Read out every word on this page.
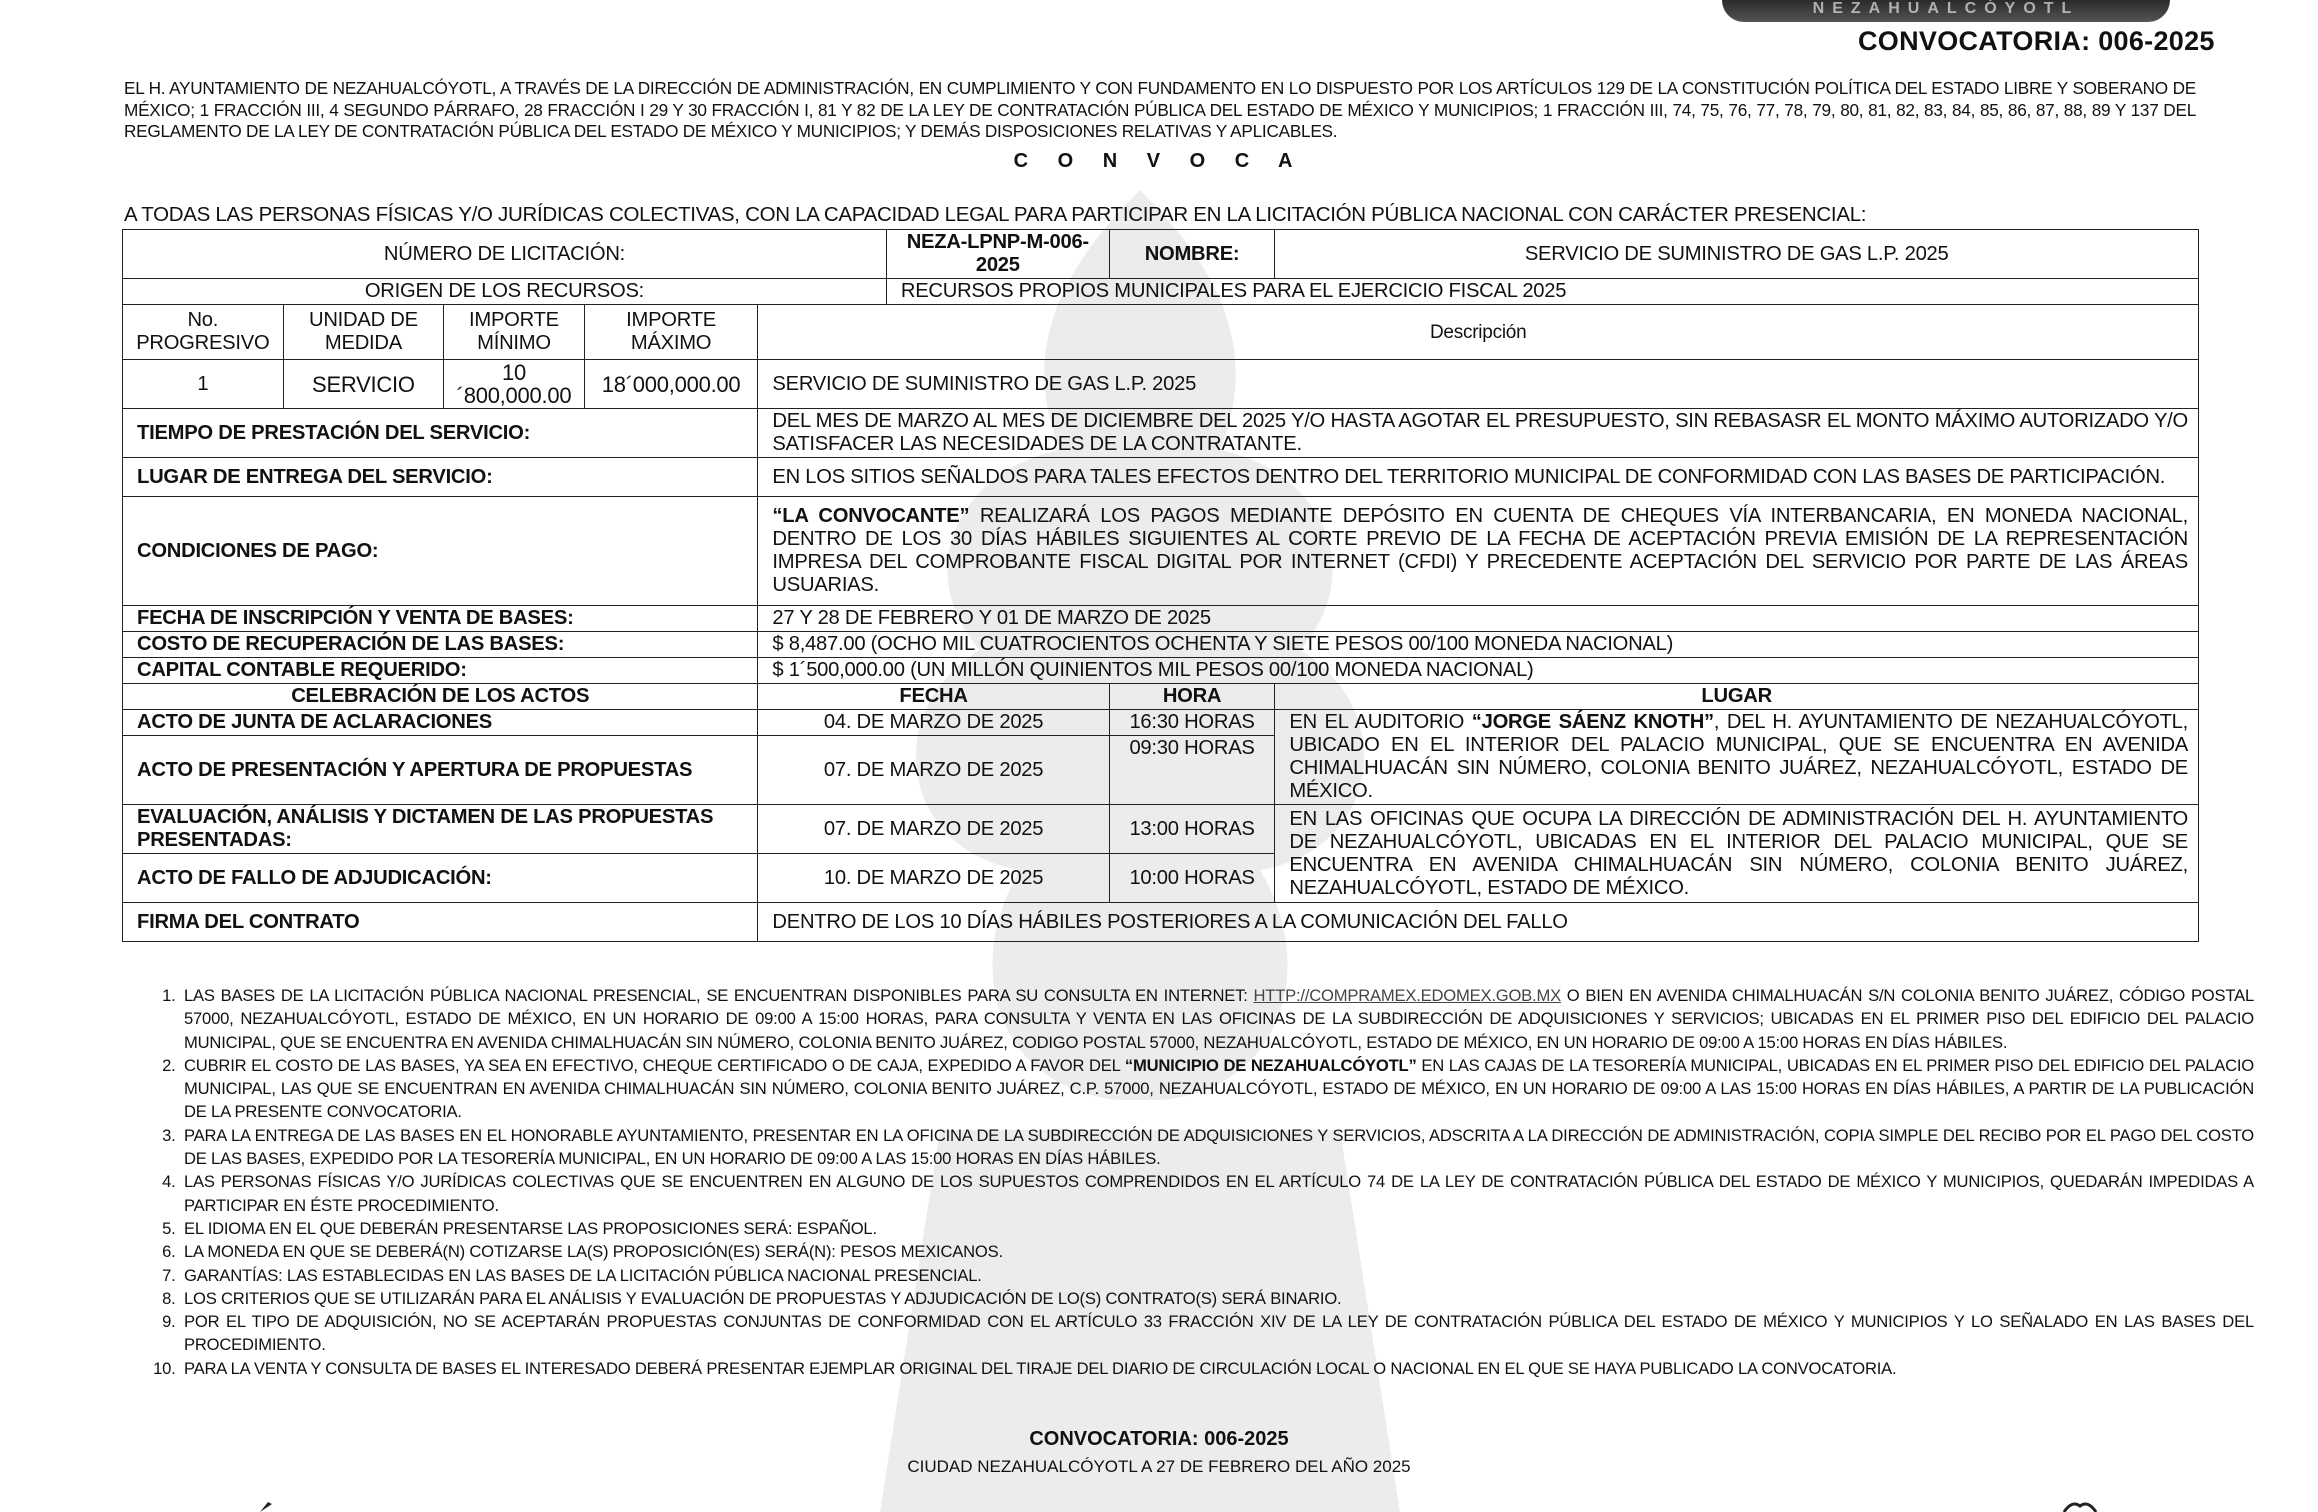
NEZAHUALCÓYOTL
CONVOCATORIA: 006-2025
EL H. AYUNTAMIENTO DE NEZAHUALCÓYOTL, A TRAVÉS DE LA DIRECCIÓN DE ADMINISTRACIÓN, EN CUMPLIMIENTO Y CON FUNDAMENTO EN LO DISPUESTO POR LOS ARTÍCULOS 129 DE LA CONSTITUCIÓN POLÍTICA DEL ESTADO LIBRE Y SOBERANO DE MÉXICO; 1 FRACCIÓN III, 4 SEGUNDO PÁRRAFO, 28 FRACCIÓN I 29 Y 30 FRACCIÓN I, 81 Y 82 DE LA LEY DE CONTRATACIÓN PÚBLICA DEL ESTADO DE MÉXICO Y MUNICIPIOS; 1 FRACCIÓN III, 74, 75, 76, 77, 78, 79, 80, 81, 82, 83, 84, 85, 86, 87, 88, 89 Y 137 DEL REGLAMENTO DE LA LEY DE CONTRATACIÓN PÚBLICA DEL ESTADO DE MÉXICO Y MUNICIPIOS; Y DEMÁS DISPOSICIONES RELATIVAS Y APLICABLES.
C O N V O C A
A TODAS LAS PERSONAS FÍSICAS Y/O JURÍDICAS COLECTIVAS, CON LA CAPACIDAD LEGAL PARA PARTICIPAR EN LA LICITACIÓN PÚBLICA NACIONAL CON CARÁCTER PRESENCIAL:
NÚMERO DE LICITACIÓN:					NEZA-LPNP-M-006-2025	NOMBRE:	SERVICIO DE SUMINISTRO DE GAS L.P. 2025
ORIGEN DE LOS RECURSOS:					RECURSOS PROPIOS MUNICIPALES PARA EL EJERCICIO FISCAL 2025		
No. PROGRESIVO	UNIDAD DE MEDIDA	IMPORTE MÍNIMO	IMPORTE MÁXIMO	Descripción			
1	SERVICIO	10´800,000.00	18´000,000.00	SERVICIO DE SUMINISTRO DE GAS L.P. 2025			
TIEMPO DE PRESTACIÓN DEL SERVICIO:				DEL MES DE MARZO AL MES DE DICIEMBRE DEL 2025 Y/O HASTA AGOTAR EL PRESUPUESTO, SIN REBASASR EL MONTO MÁXIMO AUTORIZADO Y/O SATISFACER LAS NECESIDADES DE LA CONTRATANTE.			
LUGAR DE ENTREGA DEL SERVICIO:				EN LOS SITIOS SEÑALDOS PARA TALES EFECTOS DENTRO DEL TERRITORIO MUNICIPAL DE CONFORMIDAD CON LAS BASES DE PARTICIPACIÓN.			
CONDICIONES DE PAGO:				“LA CONVOCANTE” REALIZARÁ LOS PAGOS MEDIANTE DEPÓSITO EN CUENTA DE CHEQUES VÍA INTERBANCARIA, EN MONEDA NACIONAL, DENTRO DE LOS 30 DÍAS HÁBILES SIGUIENTES AL CORTE PREVIO DE LA FECHA DE ACEPTACIÓN PREVIA EMISIÓN DE LA REPRESENTACIÓN IMPRESA DEL COMPROBANTE FISCAL DIGITAL POR INTERNET (CFDI) Y PRECEDENTE ACEPTACIÓN DEL SERVICIO POR PARTE DE LAS ÁREAS USUARIAS.			
FECHA DE INSCRIPCIÓN Y VENTA DE BASES:				27 Y 28 DE FEBRERO Y 01 DE MARZO DE 2025			
COSTO DE RECUPERACIÓN DE LAS BASES:				$ 8,487.00 (OCHO MIL CUATROCIENTOS OCHENTA Y SIETE PESOS 00/100 MONEDA NACIONAL)			
CAPITAL CONTABLE REQUERIDO:				$ 1´500,000.00 (UN MILLÓN QUINIENTOS MIL PESOS 00/100 MONEDA NACIONAL)			
CELEBRACIÓN DE LOS ACTOS				FECHA		HORA	LUGAR
ACTO DE JUNTA DE ACLARACIONES				04. DE MARZO DE 2025		16:30 HORAS	EN EL AUDITORIO “JORGE SÁENZ KNOTH”, DEL H. AYUNTAMIENTO DE NEZAHUALCÓYOTL, UBICADO EN EL INTERIOR DEL PALACIO MUNICIPAL, QUE SE ENCUENTRA EN AVENIDA CHIMALHUACÁN SIN NÚMERO, COLONIA BENITO JUÁREZ, NEZAHUALCÓYOTL, ESTADO DE MÉXICO.
ACTO DE PRESENTACIÓN Y APERTURA DE PROPUESTAS				07. DE MARZO DE 2025		09:30 HORAS	
EVALUACIÓN, ANÁLISIS Y DICTAMEN DE LAS PROPUESTAS PRESENTADAS:				07. DE MARZO DE 2025		13:00 HORAS	EN LAS OFICINAS QUE OCUPA LA DIRECCIÓN DE ADMINISTRACIÓN DEL H. AYUNTAMIENTO DE NEZAHUALCÓYOTL, UBICADAS EN EL INTERIOR DEL PALACIO MUNICIPAL, QUE SE ENCUENTRA EN AVENIDA CHIMALHUACÁN SIN NÚMERO, COLONIA BENITO JUÁREZ, NEZAHUALCÓYOTL, ESTADO DE MÉXICO.
ACTO DE FALLO DE ADJUDICACIÓN:				10. DE MARZO DE 2025		10:00 HORAS	
FIRMA DEL CONTRATO				DENTRO DE LOS 10 DÍAS HÁBILES POSTERIORES A LA COMUNICACIÓN DEL FALLO			
1. LAS BASES DE LA LICITACIÓN PÚBLICA NACIONAL PRESENCIAL, SE ENCUENTRAN DISPONIBLES PARA SU CONSULTA EN INTERNET: HTTP://COMPRAMEX.EDOMEX.GOB.MX O BIEN EN AVENIDA CHIMALHUACÁN S/N COLONIA BENITO JUÁREZ, CÓDIGO POSTAL 57000, NEZAHUALCÓYOTL, ESTADO DE MÉXICO, EN UN HORARIO DE 09:00 A 15:00 HORAS, PARA CONSULTA Y VENTA EN LAS OFICINAS DE LA SUBDIRECCIÓN DE ADQUISICIONES Y SERVICIOS; UBICADAS EN EL PRIMER PISO DEL EDIFICIO DEL PALACIO MUNICIPAL, QUE SE ENCUENTRA EN AVENIDA CHIMALHUACÁN SIN NÚMERO, COLONIA BENITO JUÁREZ, CODIGO POSTAL 57000, NEZAHUALCÓYOTL, ESTADO DE MÉXICO, EN UN HORARIO DE 09:00 A 15:00 HORAS EN DÍAS HÁBILES.
2. CUBRIR EL COSTO DE LAS BASES, YA SEA EN EFECTIVO, CHEQUE CERTIFICADO O DE CAJA, EXPEDIDO A FAVOR DEL “MUNICIPIO DE NEZAHUALCÓYOTL” EN LAS CAJAS DE LA TESORERÍA MUNICIPAL, UBICADAS EN EL PRIMER PISO DEL EDIFICIO DEL PALACIO MUNICIPAL, LAS QUE SE ENCUENTRAN EN AVENIDA CHIMALHUACÁN SIN NÚMERO, COLONIA BENITO JUÁREZ, C.P. 57000, NEZAHUALCÓYOTL, ESTADO DE MÉXICO, EN UN HORARIO DE 09:00 A LAS 15:00 HORAS EN DÍAS HÁBILES, A PARTIR DE LA PUBLICACIÓN DE LA PRESENTE CONVOCATORIA.
3. PARA LA ENTREGA DE LAS BASES EN EL HONORABLE AYUNTAMIENTO, PRESENTAR EN LA OFICINA DE LA SUBDIRECCIÓN DE ADQUISICIONES Y SERVICIOS, ADSCRITA A LA DIRECCIÓN DE ADMINISTRACIÓN, COPIA SIMPLE DEL RECIBO POR EL PAGO DEL COSTO DE LAS BASES, EXPEDIDO POR LA TESORERÍA MUNICIPAL, EN UN HORARIO DE 09:00 A LAS 15:00 HORAS EN DÍAS HÁBILES.
4. LAS PERSONAS FÍSICAS Y/O JURÍDICAS COLECTIVAS QUE SE ENCUENTREN EN ALGUNO DE LOS SUPUESTOS COMPRENDIDOS EN EL ARTÍCULO 74 DE LA LEY DE CONTRATACIÓN PÚBLICA DEL ESTADO DE MÉXICO Y MUNICIPIOS, QUEDARÁN IMPEDIDAS A PARTICIPAR EN ÉSTE PROCEDIMIENTO.
5. EL IDIOMA EN EL QUE DEBERÁN PRESENTARSE LAS PROPOSICIONES SERÁ: ESPAÑOL.
6. LA MONEDA EN QUE SE DEBERÁ(N) COTIZARSE LA(S) PROPOSICIÓN(ES) SERÁ(N): PESOS MEXICANOS.
7. GARANTÍAS: LAS ESTABLECIDAS EN LAS BASES DE LA LICITACIÓN PÚBLICA NACIONAL PRESENCIAL.
8. LOS CRITERIOS QUE SE UTILIZARÁN PARA EL ANÁLISIS Y EVALUACIÓN DE PROPUESTAS Y ADJUDICACIÓN DE LO(S) CONTRATO(S) SERÁ BINARIO.
9. POR EL TIPO DE ADQUISICIÓN, NO SE ACEPTARÁN PROPUESTAS CONJUNTAS DE CONFORMIDAD CON EL ARTÍCULO 33 FRACCIÓN XIV DE LA LEY DE CONTRATACIÓN PÚBLICA DEL ESTADO DE MÉXICO Y MUNICIPIOS Y LO SEÑALADO EN LAS BASES DEL PROCEDIMIENTO.
10. PARA LA VENTA Y CONSULTA DE BASES EL INTERESADO DEBERÁ PRESENTAR EJEMPLAR ORIGINAL DEL TIRAJE DEL DIARIO DE CIRCULACIÓN LOCAL O NACIONAL EN EL QUE SE HAYA PUBLICADO LA CONVOCATORIA.
CONVOCATORIA: 006-2025
CIUDAD NEZAHUALCÓYOTL A 27 DE FEBRERO DEL AÑO 2025
